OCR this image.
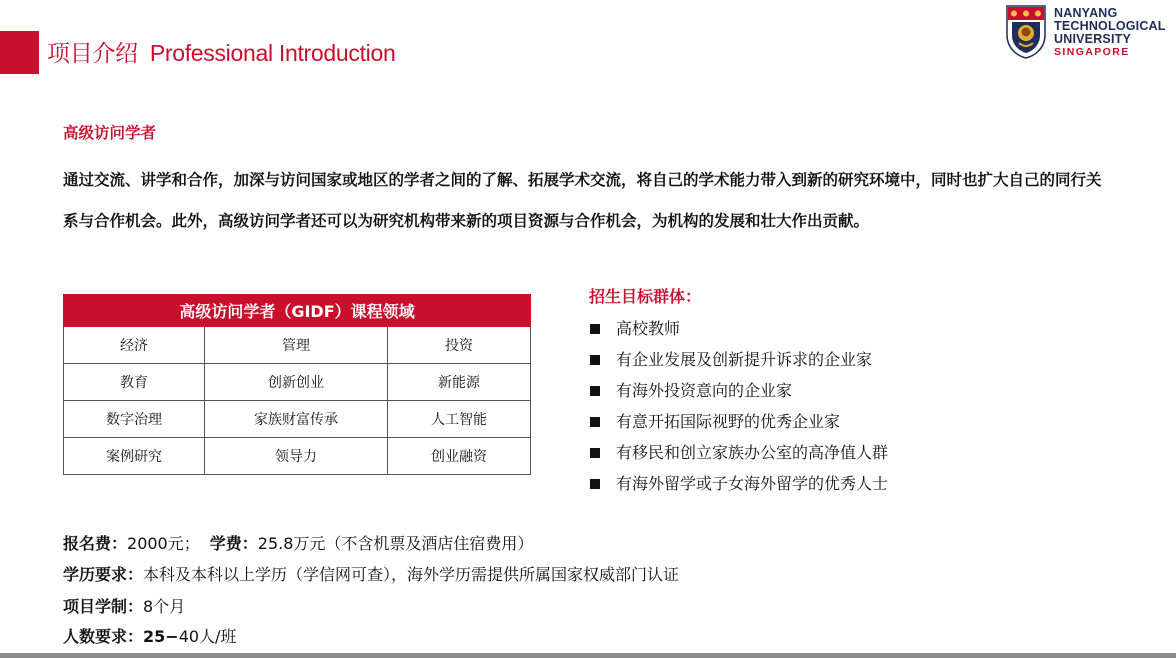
项目介绍 Professional Introduction
NANYANG
TECHNOLOGICAL
UNIVERSITY
SINGAPORE
高级访问学者

通过交流、讲学和合作，加深与访问国家或地区的学者之间的了解、拓展学术交流，将自己的学术能力带入到新的研究环境中，同时也扩大自己的同行关系与合作机会。此外，高级访问学者还可以为研究机构带来新的项目资源与合作机会，为机构的发展和壮大作出贡献。

高级访问学者（GIDF）课程领域		
经济	管理	投资
教育	创新创业	新能源
数字治理	家族财富传承	人工智能
案例研究	领导力	创业融资
招生目标群体：
高校教师
有企业发展及创新提升诉求的企业家
有海外投资意向的企业家
有意开拓国际视野的优秀企业家
有移民和创立家族办公室的高净值人群
有海外留学或子女海外留学的优秀人士
报名费：2000元； 学费：25.8万元（不含机票及酒店住宿费用）
学历要求：本科及本科以上学历（学信网可查），海外学历需提供所属国家权威部门认证
项目学制：8个月
人数要求：25−40人/班
